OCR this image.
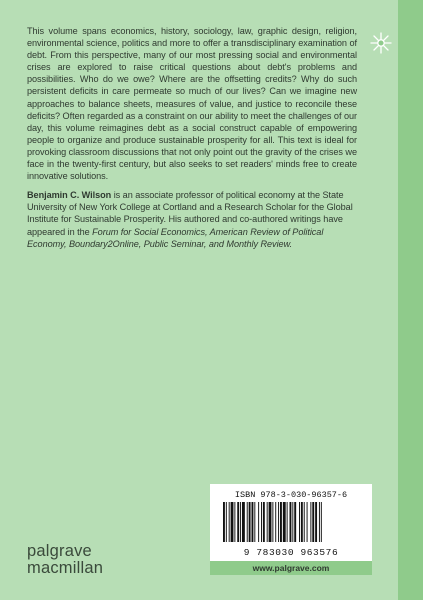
This volume spans economics, history, sociology, law, graphic design, religion, environmental science, politics and more to offer a transdisciplinary examination of debt. From this perspective, many of our most pressing social and environmental crises are explored to raise critical questions about debt's problems and possibilities. Who do we owe? Where are the offsetting credits? Why do such persistent deficits in care permeate so much of our lives? Can we imagine new approaches to balance sheets, measures of value, and justice to reconcile these deficits? Often regarded as a constraint on our ability to meet the challenges of our day, this volume reimagines debt as a social construct capable of empowering people to organize and produce sustainable prosperity for all. This text is ideal for provoking classroom discussions that not only point out the gravity of the crises we face in the twenty-first century, but also seeks to set readers' minds free to create innovative solutions.

Benjamin C. Wilson is an associate professor of political economy at the State University of New York College at Cortland and a Research Scholar for the Global Institute for Sustainable Prosperity. His authored and co-authored writings have appeared in the Forum for Social Economics, American Review of Political Economy, Boundary2Online, Public Seminar, and Monthly Review.

palgrave
macmillan
ISBN 978-3-030-96357-6
9 783030 963576
www.palgrave.com
